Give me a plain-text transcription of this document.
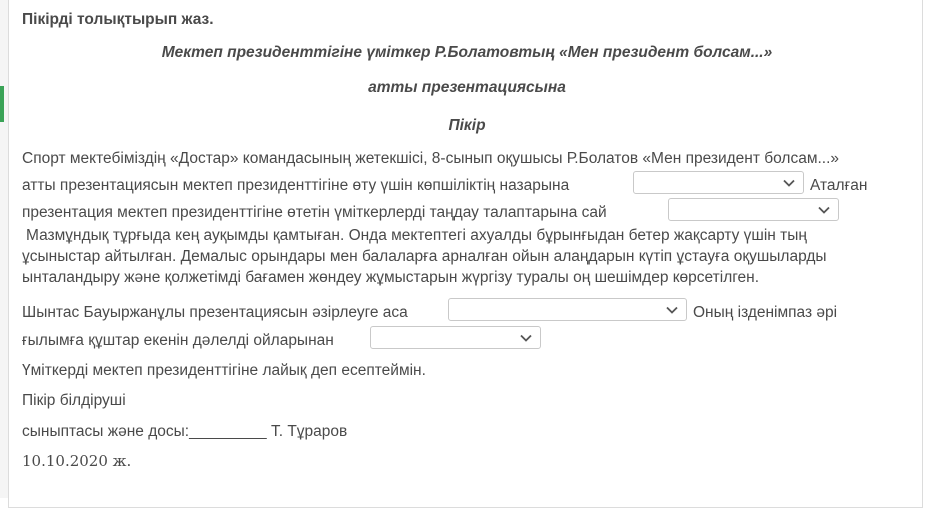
Пікірді толықтырып жаз.
Мектеп президенттігіне үміткер Р.Болатовтың «Мен президент болсам...»
атты презентациясына
Пікір
Спорт мектебіміздің «Достар» командасының жетекшісі, 8-сынып оқушысы Р.Болатов «Мен президент болсам...»
атты презентациясын мектеп президенттігіне өту үшін көпшіліктің назарына	Аталған
презентация мектеп президенттігіне өтетін үміткерлерді таңдау талаптарына сай
Мазмұндық тұрғыда кең ауқымды қамтыған. Онда мектептегі ахуалды бұрынғыдан бетер жақсарту үшін тың
ұсыныстар айтылған. Демалыс орындары мен балаларға арналған ойын алаңдарын күтіп ұстауға оқушыларды
ынталандыру және қолжетімді бағамен жөндеу жұмыстарын жүргізу туралы оң шешімдер көрсетілген.
Шынтас Бауыржанұлы презентациясын әзірлеуге аса	Оның ізденімпаз әрі
ғылымға құштар екенін дәлелді ойларынан
Үміткерді мектеп президенттігіне лайық деп есептеймін.
Пікір білдіруші
сыныптасы және досы:_________ Т. Тұраров
10.10.2020 ж.
